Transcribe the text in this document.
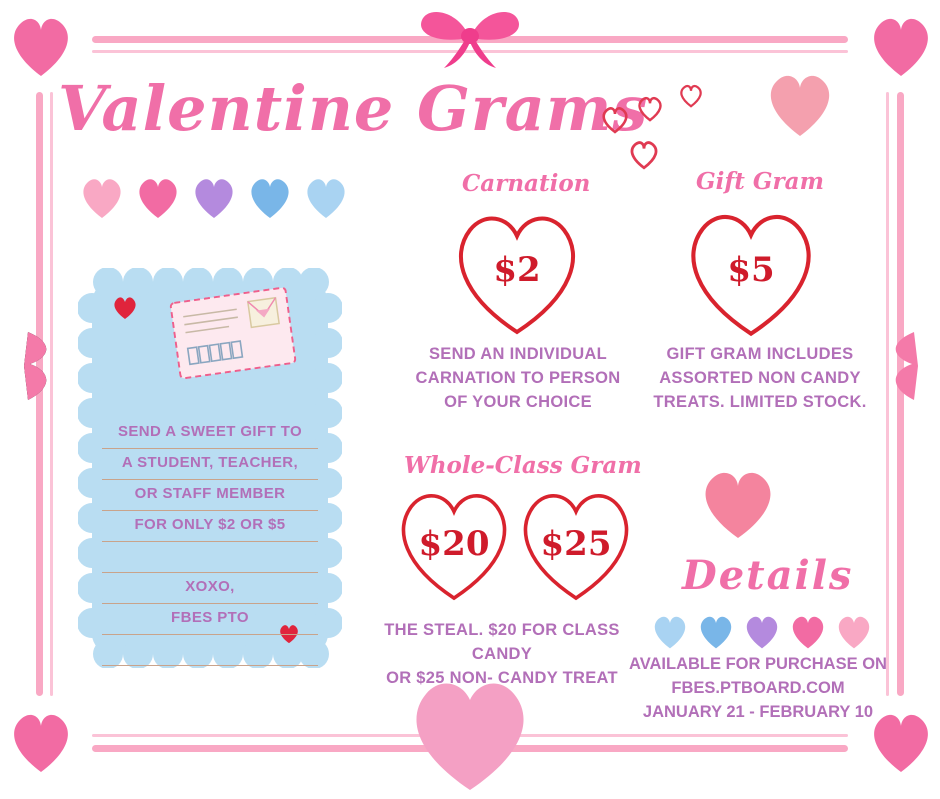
Valentine Grams
SEND A SWEET GIFT TO
A STUDENT, TEACHER,
OR STAFF MEMBER
FOR ONLY $2 OR $5
XOXO,
FBES PTO
Carnation
$2
SEND AN INDIVIDUAL
CARNATION TO PERSON
OF YOUR CHOICE
Gift Gram
$5
GIFT GRAM INCLUDES
ASSORTED NON CANDY
TREATS. LIMITED STOCK.
Whole-Class Gram
$20	$25
THE STEAL. $20 FOR CLASS CANDY
OR $25 NON- CANDY TREAT
Details
AVAILABLE FOR PURCHASE ON
FBES.PTBOARD.COM
JANUARY 21 - FEBRUARY 10
